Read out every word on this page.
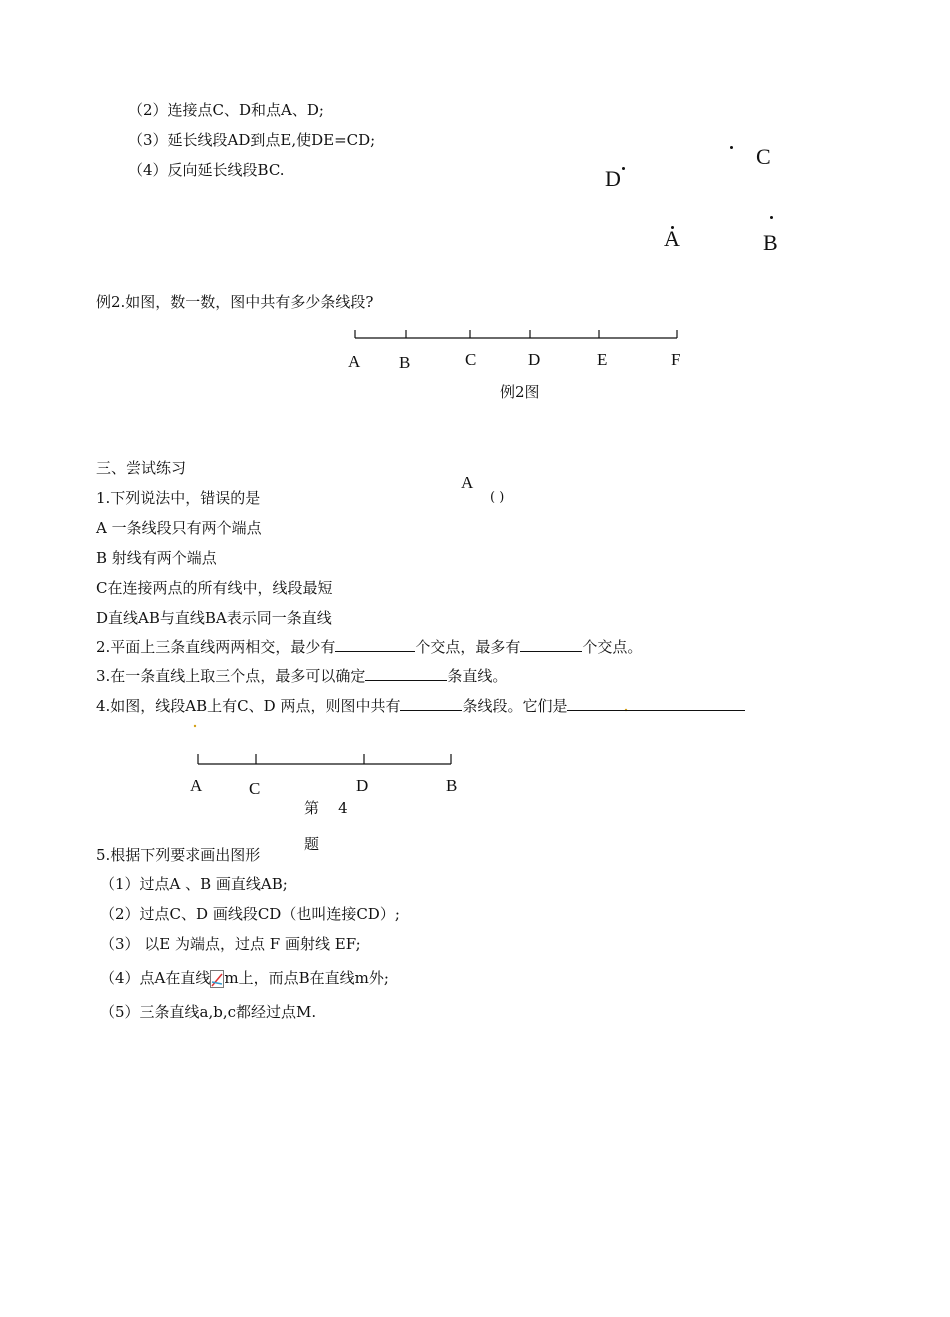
（2）连接点C、D和点A、D;
（3）延长线段AD到点E,使DE=CD;
（4）反向延长线段BC.
C
D
A	B
例2.如图，数一数，图中共有多少条线段?
A B	C	D	E	F
例2图
三、尝试练习
A
1.下列说法中，错误的是	( )
A 一条线段只有两个端点
B 射线有两个端点
C在连接两点的所有线中，线段最短
D直线AB与直线BA表示同一条直线
2.平面上三条直线两两相交，最少有	个交点，最多有	个交点。
3.在一条直线上取三个点，最多可以确定	条直线。
4.如图，线段AB上有C、D 两点，则图中共有	条线段。它们是
A	C	D	B
第    4
题
5.根据下列要求画出图形
（1）过点A 、B 画直线AB;
（2）过点C、D 画线段CD（也叫连接CD）;
（3） 以E 为端点，过点 F 画射线 EF;
（4）点A在直线 m上，而点B在直线m外;
（5）三条直线a,b,c都经过点M.
